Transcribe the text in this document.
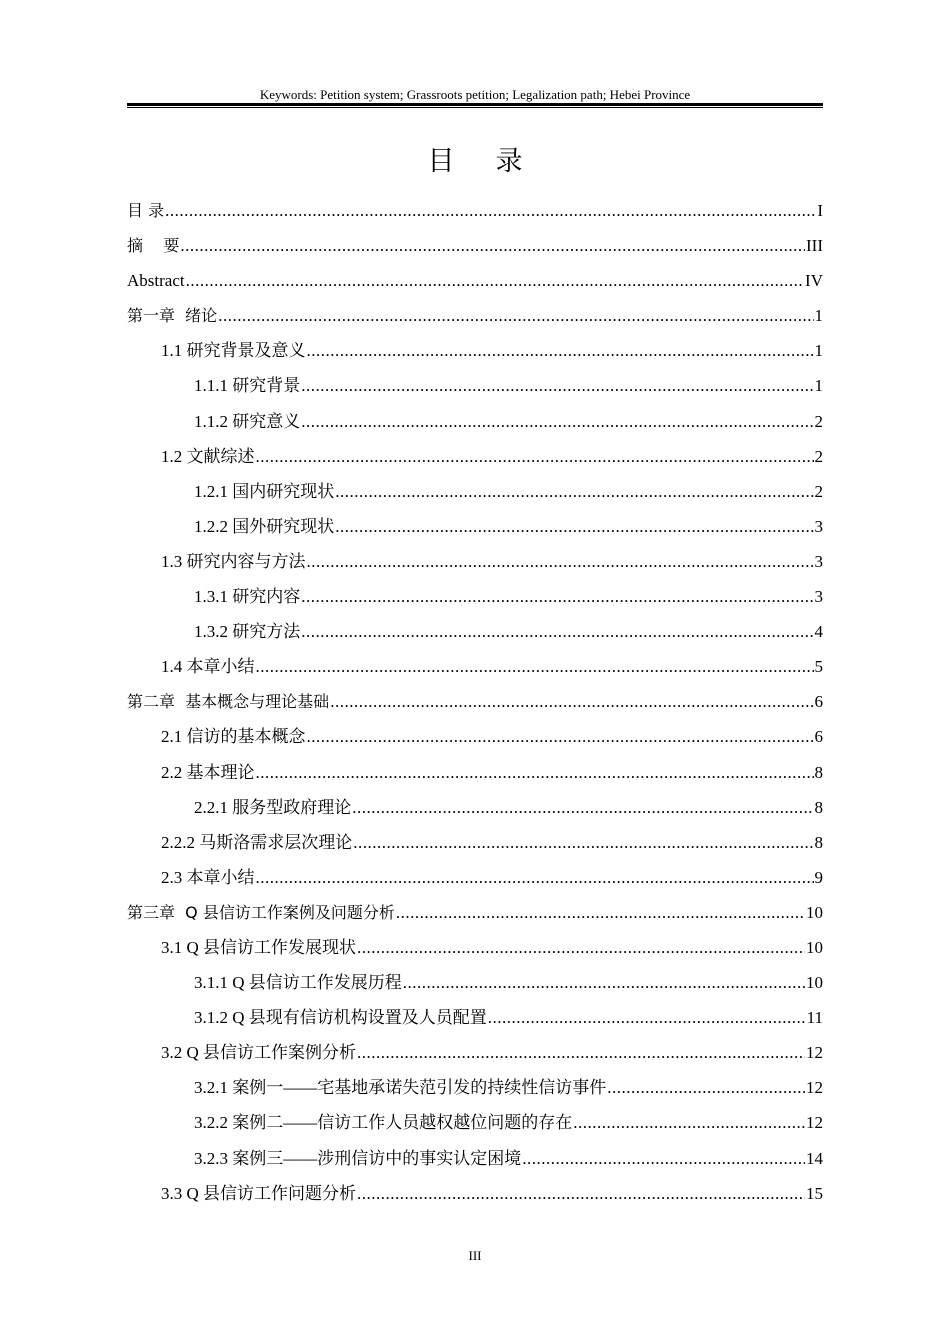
Keywords: Petition system; Grassroots petition; Legalization path; Hebei Province
目 录
目 录 .....	I
摘    要 .....	III
Abstract .....	IV
第一章  绪论 .....	1
1.1 研究背景及意义 .....	1
1.1.1 研究背景 .....	1
1.1.2 研究意义 .....	2
1.2 文献综述 .....	2
1.2.1 国内研究现状 .....	2
1.2.2 国外研究现状 .....	3
1.3 研究内容与方法 .....	3
1.3.1 研究内容 .....	3
1.3.2 研究方法 .....	4
1.4 本章小结 .....	5
第二章  基本概念与理论基础 .....	6
2.1 信访的基本概念 .....	6
2.2 基本理论 .....	8
2.2.1 服务型政府理论 .....	8
2.2.2 马斯洛需求层次理论 .....	8
2.3 本章小结 .....	9
第三章  Q 县信访工作案例及问题分析 .....	10
3.1 Q 县信访工作发展现状 .....	10
3.1.1 Q 县信访工作发展历程 .....	10
3.1.2 Q 县现有信访机构设置及人员配置 .....	11
3.2 Q 县信访工作案例分析 .....	12
3.2.1 案例一——宅基地承诺失范引发的持续性信访事件 .....	12
3.2.2 案例二——信访工作人员越权越位问题的存在 .....	12
3.2.3 案例三——涉刑信访中的事实认定困境 .....	14
3.3 Q 县信访工作问题分析 .....	15
III
